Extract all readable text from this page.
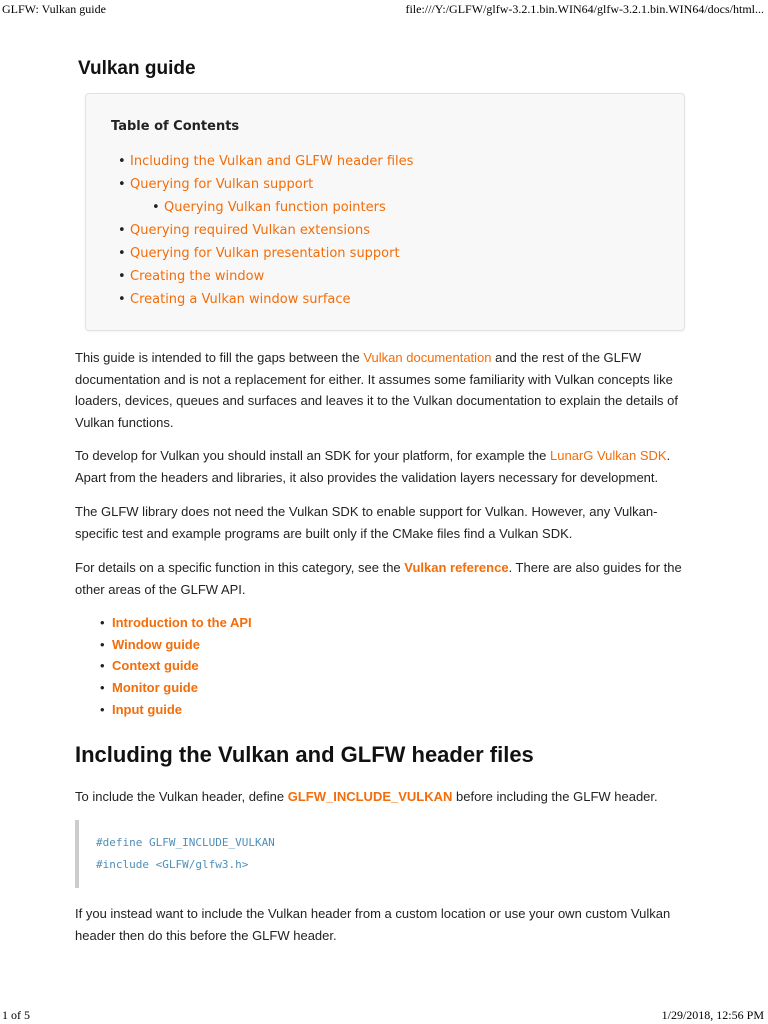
GLFW: Vulkan guide	file:///Y:/GLFW/glfw-3.2.1.bin.WIN64/glfw-3.2.1.bin.WIN64/docs/html...
Vulkan guide
Table of Contents
• Including the Vulkan and GLFW header files
• Querying for Vulkan support
• Querying Vulkan function pointers
• Querying required Vulkan extensions
• Querying for Vulkan presentation support
• Creating the window
• Creating a Vulkan window surface

This guide is intended to fill the gaps between the Vulkan documentation and the rest of the GLFW documentation and is not a replacement for either. It assumes some familiarity with Vulkan concepts like loaders, devices, queues and surfaces and leaves it to the Vulkan documentation to explain the details of Vulkan functions.

To develop for Vulkan you should install an SDK for your platform, for example the LunarG Vulkan SDK. Apart from the headers and libraries, it also provides the validation layers necessary for development.

The GLFW library does not need the Vulkan SDK to enable support for Vulkan. However, any Vulkan-specific test and example programs are built only if the CMake files find a Vulkan SDK.

For details on a specific function in this category, see the Vulkan reference. There are also guides for the other areas of the GLFW API.

• Introduction to the API
• Window guide
• Context guide
• Monitor guide
• Input guide
Including the Vulkan and GLFW header files

To include the Vulkan header, define GLFW_INCLUDE_VULKAN before including the GLFW header.

#define GLFW_INCLUDE_VULKAN
#include <GLFW/glfw3.h>

If you instead want to include the Vulkan header from a custom location or use your own custom Vulkan header then do this before the GLFW header.

1 of 5	1/29/2018, 12:56 PM
